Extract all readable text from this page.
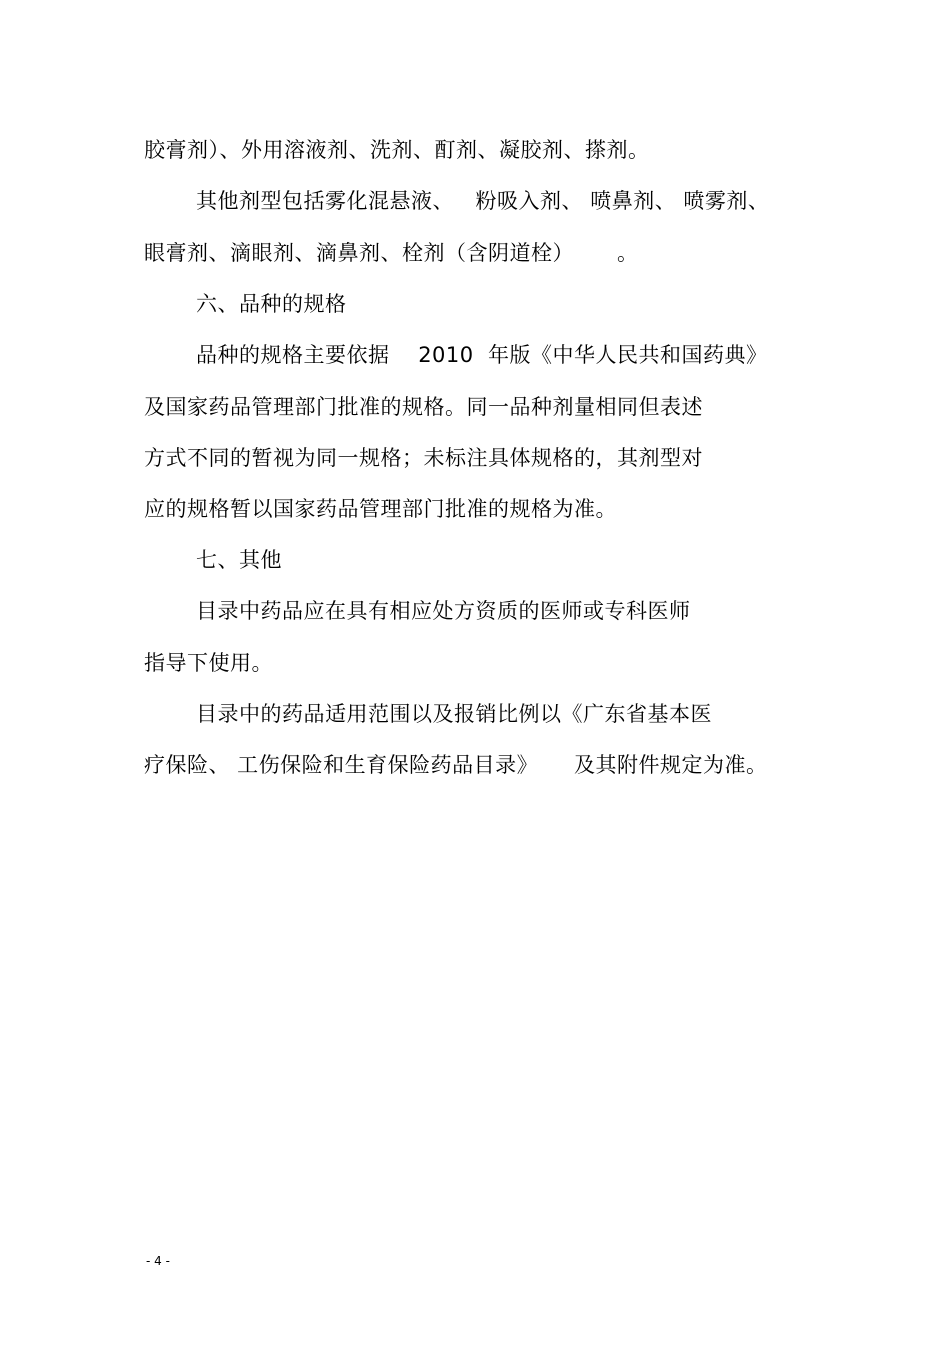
胶膏剂）、外用溶液剂、洗剂、酊剂、凝胶剂、搽剂。
其他剂型包括雾化混悬液、   粉吸入剂、 喷鼻剂、 喷雾剂、
眼膏剂、滴眼剂、滴鼻剂、栓剂（含阴道栓）      。
六、品种的规格
品种的规格主要依据    2010  年版《中华人民共和国药典》
及国家药品管理部门批准的规格。同一品种剂量相同但表述
方式不同的暂视为同一规格；未标注具体规格的，其剂型对
应的规格暂以国家药品管理部门批准的规格为准。
七、其他
目录中药品应在具有相应处方资质的医师或专科医师
指导下使用。
目录中的药品适用范围以及报销比例以《广东省基本医
疗保险、 工伤保险和生育保险药品目录》     及其附件规定为准。
- 4 -
